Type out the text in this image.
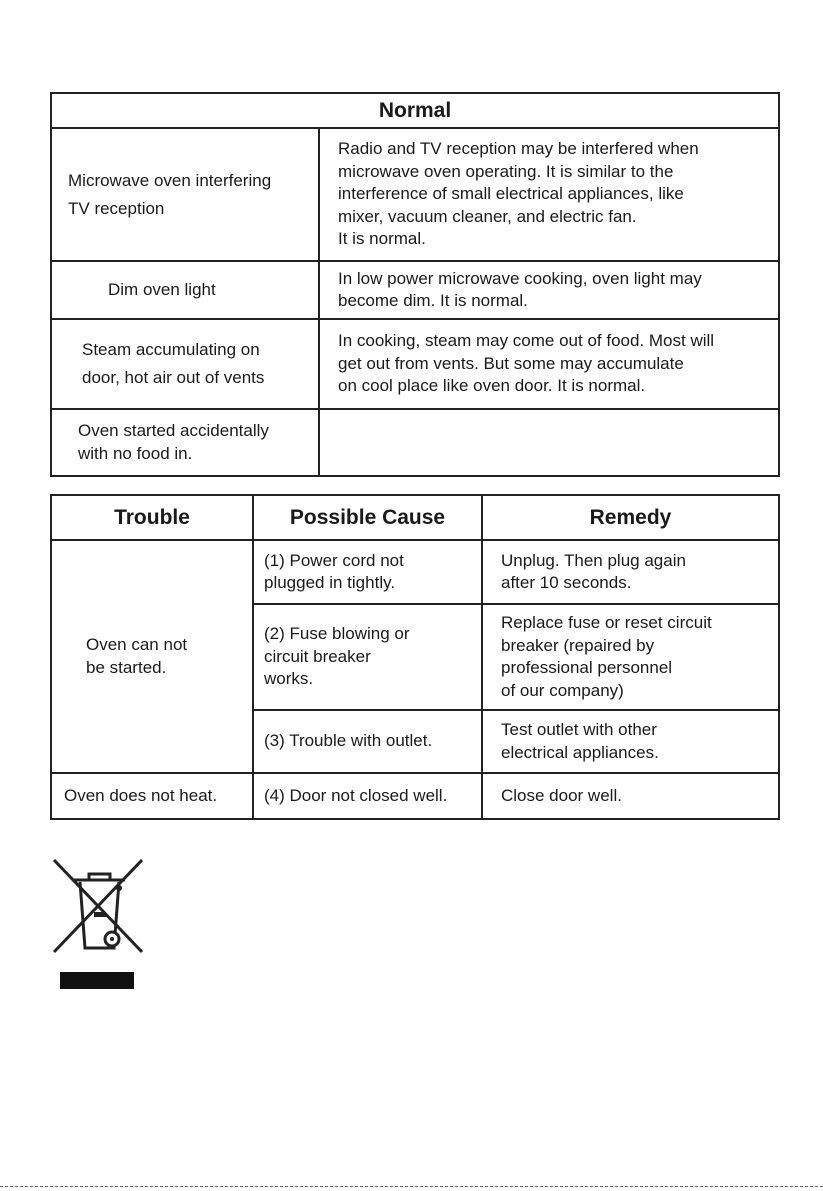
Normal	
Microwave oven interfering
TV reception	Radio and TV reception may be interfered when
microwave oven operating. It is similar to the
interference of small electrical appliances, like
mixer, vacuum cleaner, and electric fan.
It is normal.
Dim oven light	In low power microwave cooking, oven light may
become dim. It is normal.
Steam accumulating on
door, hot air out of vents	In cooking, steam may come out of food. Most will
get out from vents. But some may accumulate
on cool place like oven door. It is normal.
Oven started accidentally
with no food in.	
Trouble	Possible Cause	Remedy
Oven can not
be started.	(1) Power cord not
plugged in tightly.	Unplug. Then plug again
after 10 seconds.
	(2) Fuse blowing or
circuit breaker
works.	Replace fuse or reset circuit
breaker (repaired by
professional personnel
of our company)
	(3) Trouble with outlet.	Test outlet with other
electrical appliances.
Oven does not heat.	(4) Door not closed well.	Close door well.
